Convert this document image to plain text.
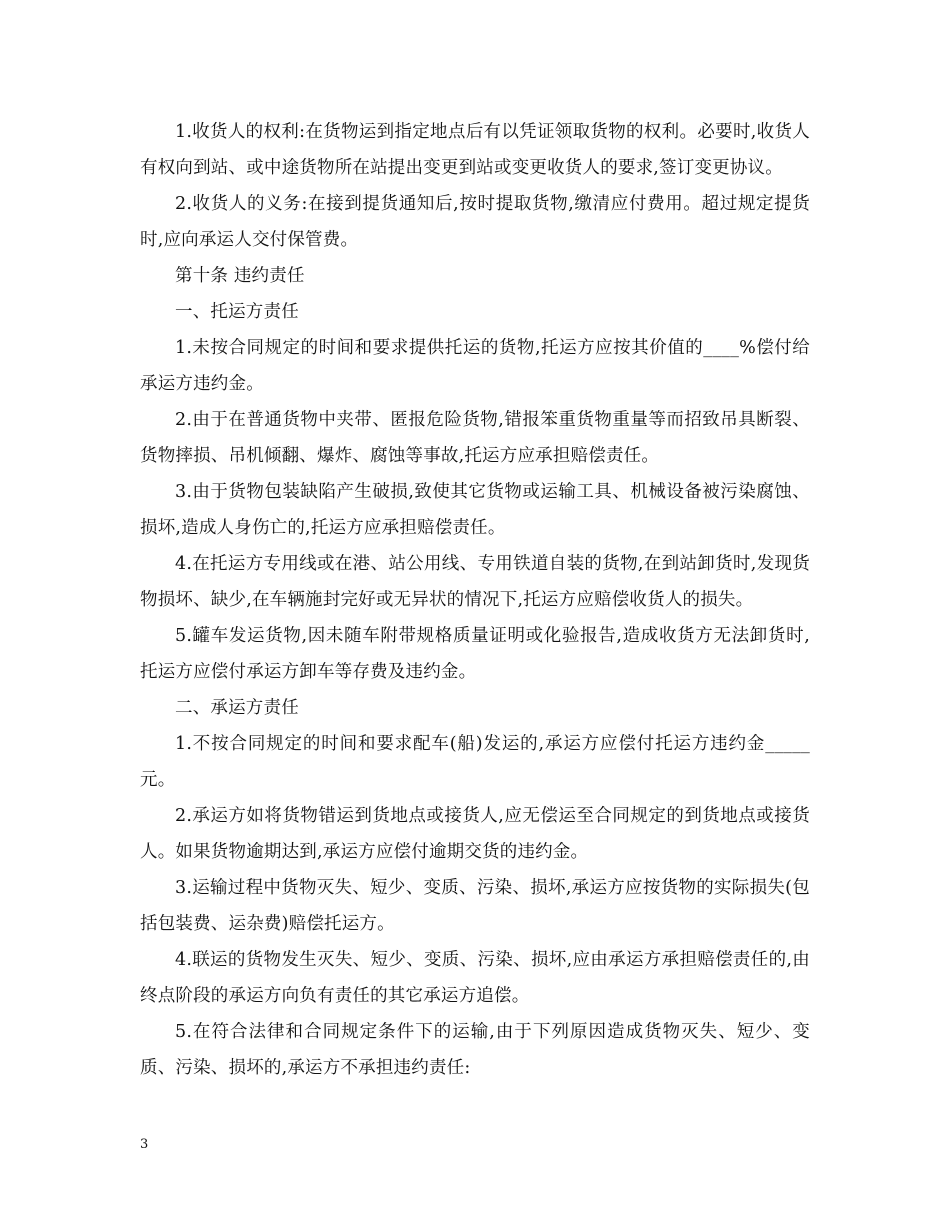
1.收货人的权利:在货物运到指定地点后有以凭证领取货物的权利。必要时,收货人有权向到站、或中途货物所在站提出变更到站或变更收货人的要求,签订变更协议。

2.收货人的义务:在接到提货通知后,按时提取货物,缴清应付费用。超过规定提货时,应向承运人交付保管费。

第十条 违约责任

一、托运方责任

1.未按合同规定的时间和要求提供托运的货物,托运方应按其价值的____%偿付给承运方违约金。

2.由于在普通货物中夹带、匿报危险货物,错报笨重货物重量等而招致吊具断裂、货物摔损、吊机倾翻、爆炸、腐蚀等事故,托运方应承担赔偿责任。

3.由于货物包装缺陷产生破损,致使其它货物或运输工具、机械设备被污染腐蚀、损坏,造成人身伤亡的,托运方应承担赔偿责任。

4.在托运方专用线或在港、站公用线、专用铁道自装的货物,在到站卸货时,发现货物损坏、缺少,在车辆施封完好或无异状的情况下,托运方应赔偿收货人的损失。

5.罐车发运货物,因未随车附带规格质量证明或化验报告,造成收货方无法卸货时,托运方应偿付承运方卸车等存费及违约金。

二、承运方责任

1.不按合同规定的时间和要求配车(船)发运的,承运方应偿付托运方违约金_____元。

2.承运方如将货物错运到货地点或接货人,应无偿运至合同规定的到货地点或接货人。如果货物逾期达到,承运方应偿付逾期交货的违约金。

3.运输过程中货物灭失、短少、变质、污染、损坏,承运方应按货物的实际损失(包括包装费、运杂费)赔偿托运方。

4.联运的货物发生灭失、短少、变质、污染、损坏,应由承运方承担赔偿责任的,由终点阶段的承运方向负有责任的其它承运方追偿。

5.在符合法律和合同规定条件下的运输,由于下列原因造成货物灭失、短少、变质、污染、损坏的,承运方不承担违约责任:

3
